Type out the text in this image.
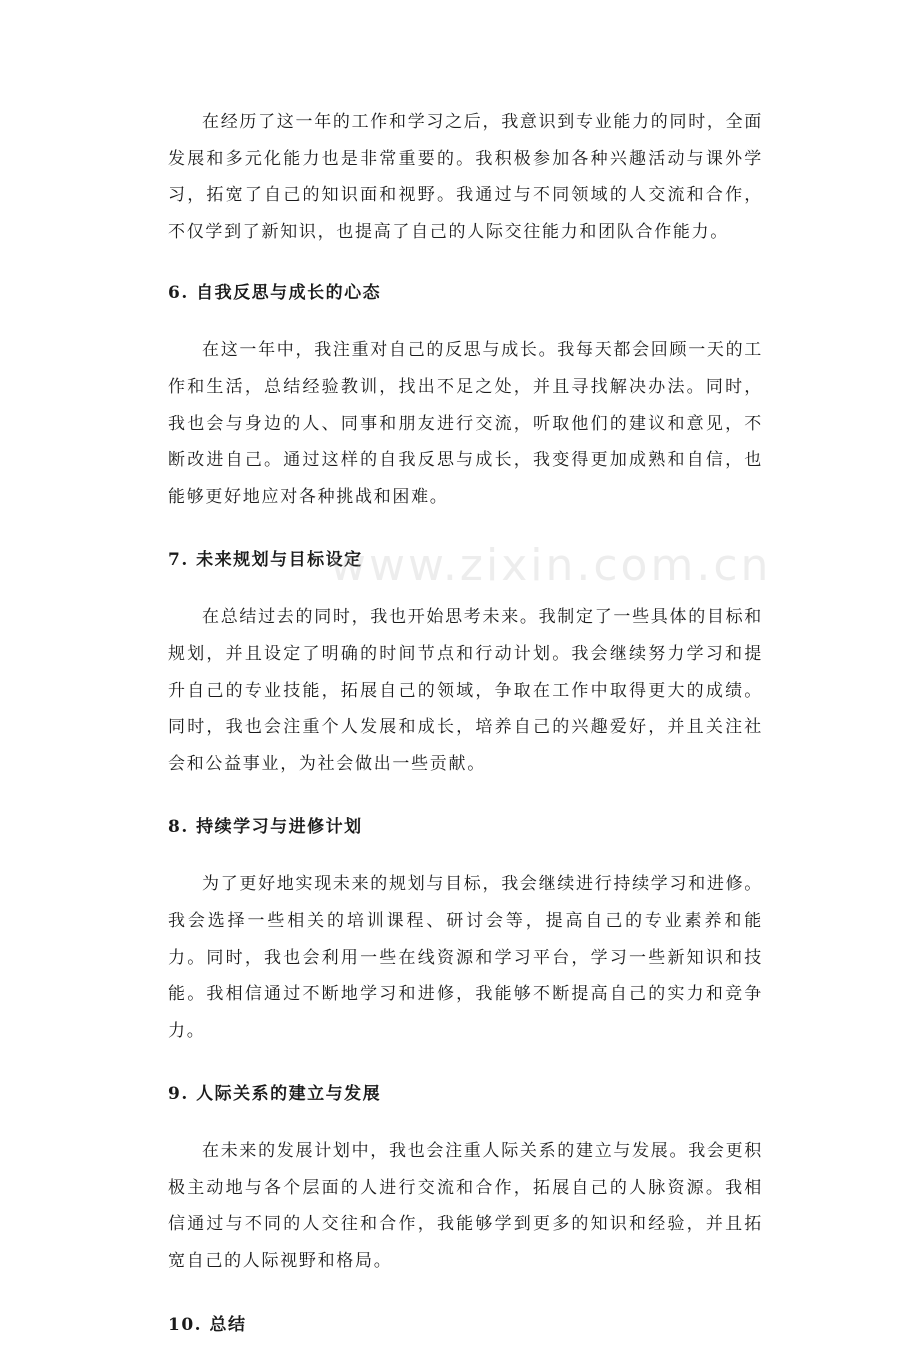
在经历了这一年的工作和学习之后，我意识到专业能力的同时，全面发展和多元化能力也是非常重要的。我积极参加各种兴趣活动与课外学习，拓宽了自己的知识面和视野。我通过与不同领域的人交流和合作，不仅学到了新知识，也提高了自己的人际交往能力和团队合作能力。

6. 自我反思与成长的心态

在这一年中，我注重对自己的反思与成长。我每天都会回顾一天的工作和生活，总结经验教训，找出不足之处，并且寻找解决办法。同时，我也会与身边的人、同事和朋友进行交流，听取他们的建议和意见，不断改进自己。通过这样的自我反思与成长，我变得更加成熟和自信，也能够更好地应对各种挑战和困难。

7. 未来规划与目标设定

在总结过去的同时，我也开始思考未来。我制定了一些具体的目标和规划，并且设定了明确的时间节点和行动计划。我会继续努力学习和提升自己的专业技能，拓展自己的领域，争取在工作中取得更大的成绩。同时，我也会注重个人发展和成长，培养自己的兴趣爱好，并且关注社会和公益事业，为社会做出一些贡献。

8. 持续学习与进修计划

为了更好地实现未来的规划与目标，我会继续进行持续学习和进修。我会选择一些相关的培训课程、研讨会等，提高自己的专业素养和能力。同时，我也会利用一些在线资源和学习平台，学习一些新知识和技能。我相信通过不断地学习和进修，我能够不断提高自己的实力和竞争力。

9. 人际关系的建立与发展

在未来的发展计划中，我也会注重人际关系的建立与发展。我会更积极主动地与各个层面的人进行交流和合作，拓展自己的人脉资源。我相信通过与不同的人交往和合作，我能够学到更多的知识和经验，并且拓宽自己的人际视野和格局。

10. 总结
www.zixin.com.cn
